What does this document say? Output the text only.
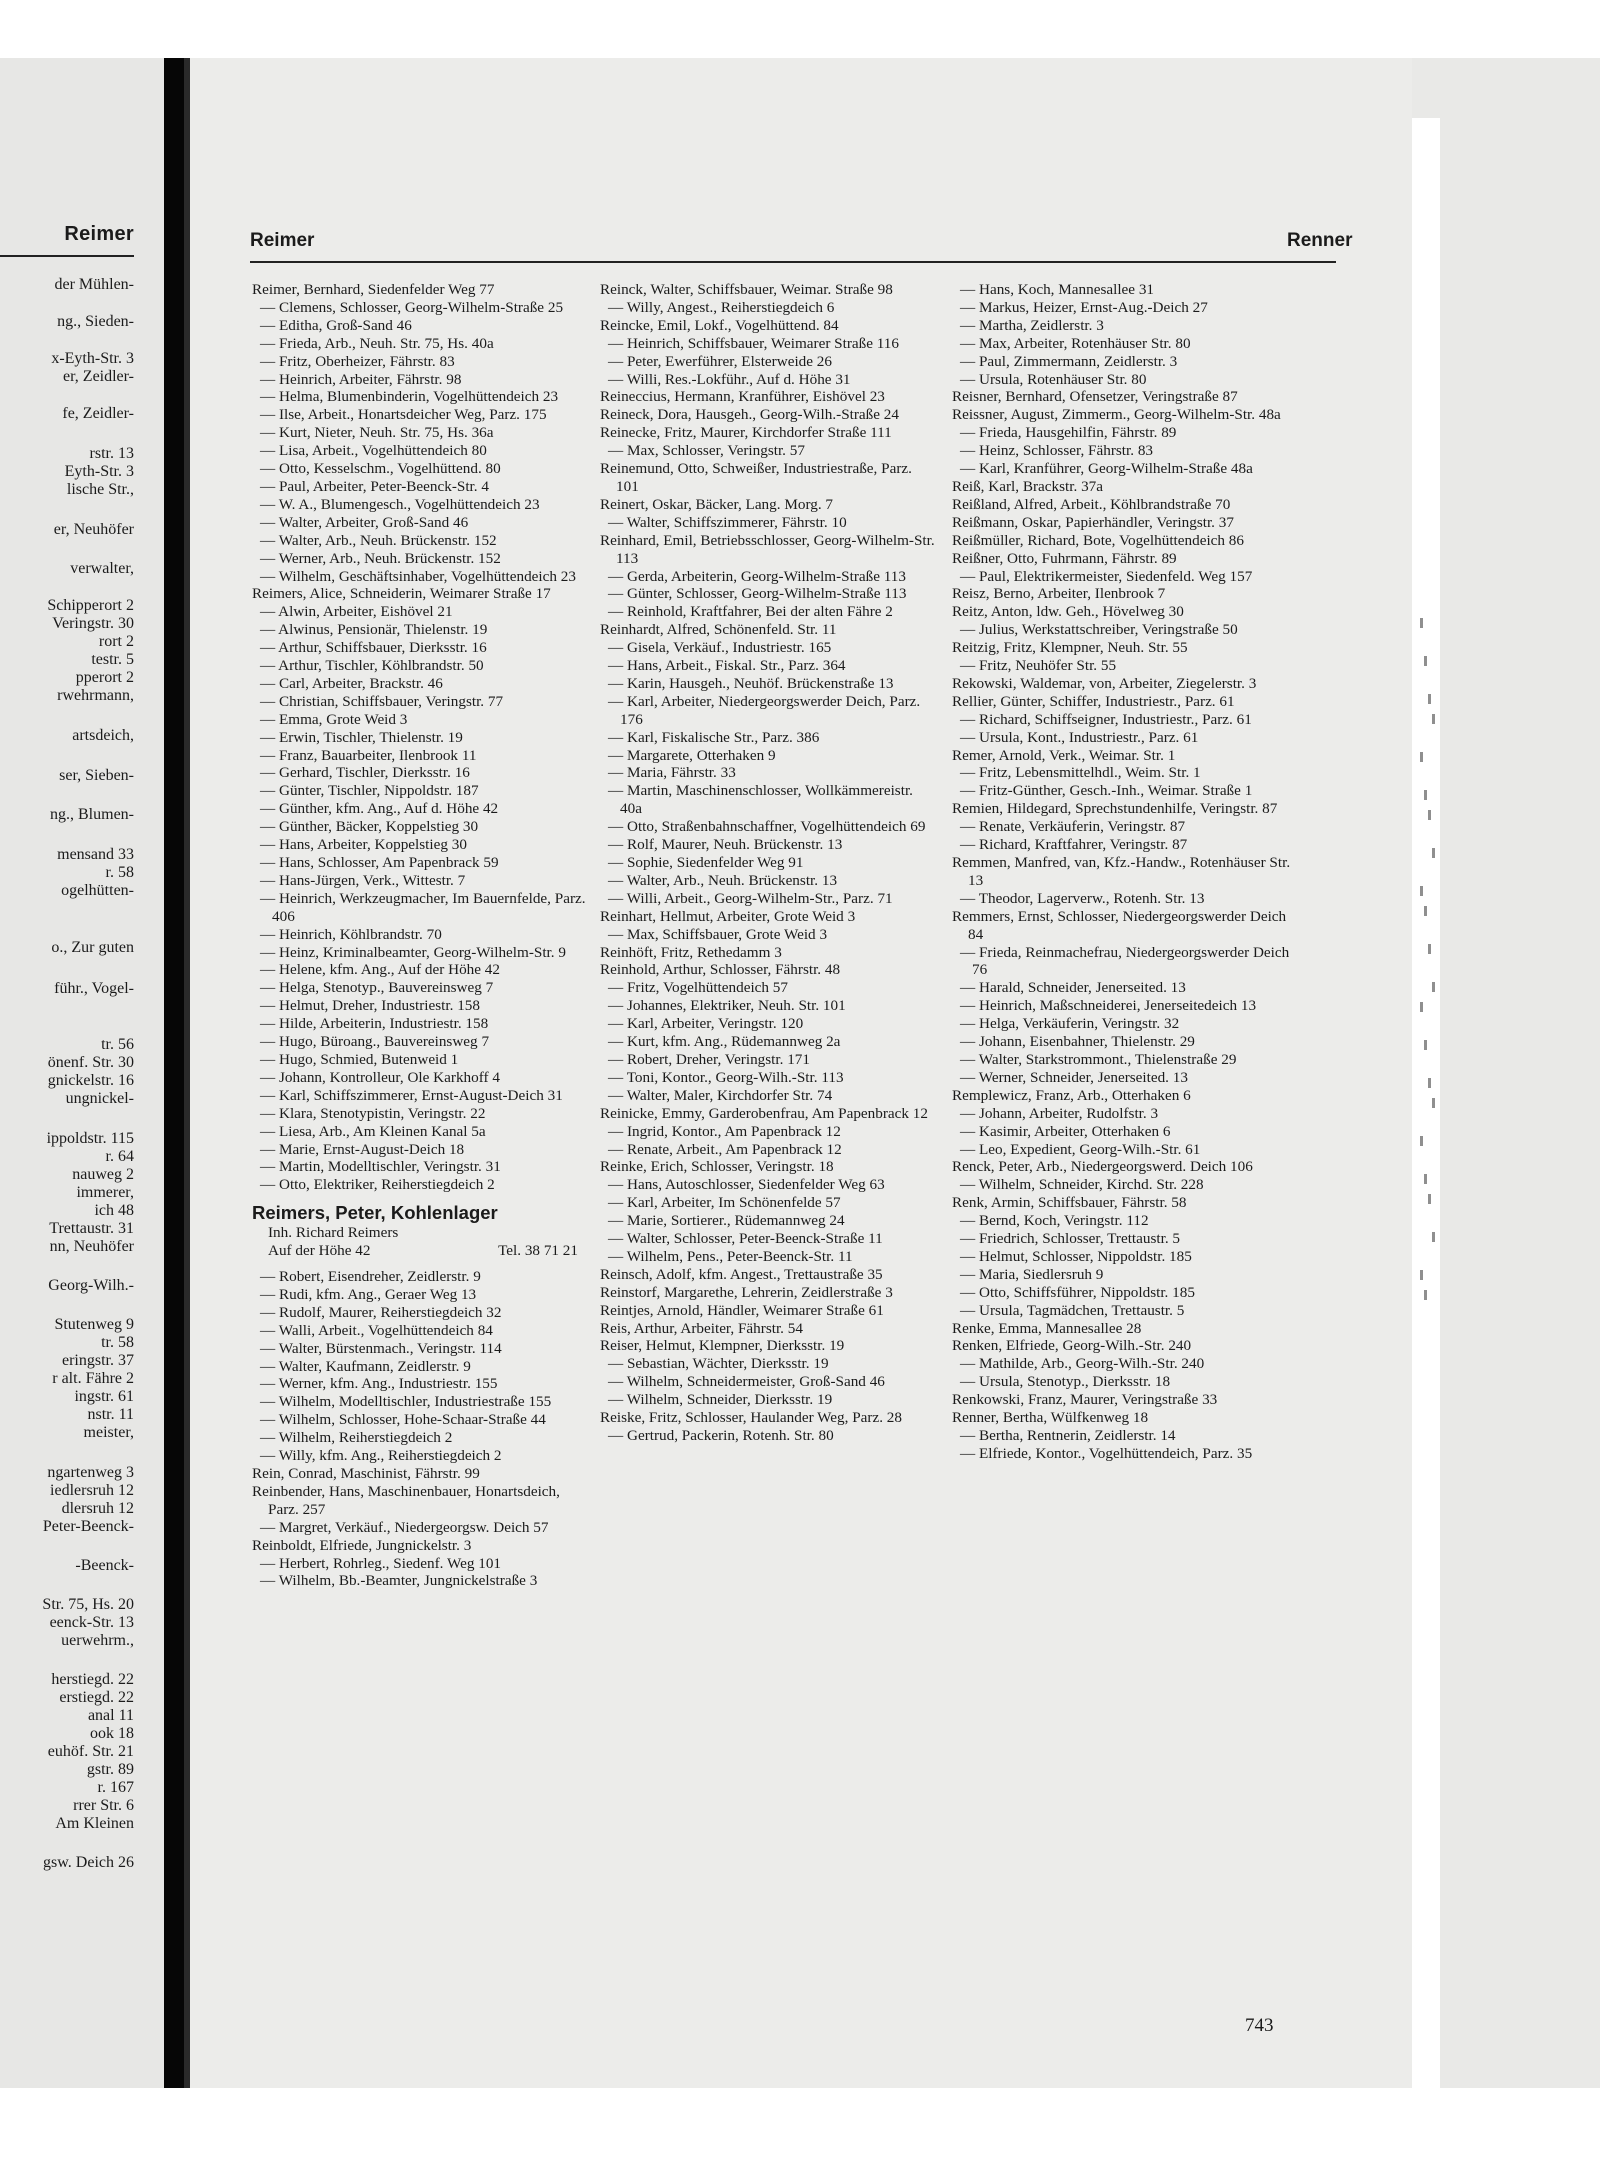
Reimer
der Mühlen-
ng., Sieden-
x-Eyth-Str. 3
er, Zeidler-
fe, Zeidler-
rstr. 13
Eyth-Str. 3
lische Str.,
er, Neuhöfer
verwalter,
Schipperort 2
Veringstr. 30
rort 2
testr. 5
pperort 2
rwehrmann,
artsdeich,
ser, Sieben-
ng., Blumen-
mensand 33
r. 58
ogelhütten-
o., Zur guten
führ., Vogel-
tr. 56
önenf. Str. 30
gnickelstr. 16
ungnickel-
ippoldstr. 115
r. 64
nauweg 2
immerer,
ich 48
Trettaustr. 31
nn, Neuhöfer
Georg-Wilh.-
Stutenweg 9
tr. 58
eringstr. 37
r alt. Fähre 2
ingstr. 61
nstr. 11
meister,
ngartenweg 3
iedlersruh 12
dlersruh 12
Peter-Beenck-
-Beenck-
Str. 75, Hs. 20
eenck-Str. 13
uerwehrm.,
herstiegd. 22
erstiegd. 22
anal 11
ook 18
euhöf. Str. 21
gstr. 89
r. 167
rrer Str. 6
Am Kleinen
gsw. Deich 26
Reimer	Renner
Reimer, Bernhard, Siedenfelder Weg 77
— Clemens, Schlosser, Georg-Wilhelm-Straße 25
— Editha, Groß-Sand 46
— Frieda, Arb., Neuh. Str. 75, Hs. 40a
— Fritz, Oberheizer, Fährstr. 83
— Heinrich, Arbeiter, Fährstr. 98
— Helma, Blumenbinderin, Vogelhüttendeich 23
— Ilse, Arbeit., Honartsdeicher Weg, Parz. 175
— Kurt, Nieter, Neuh. Str. 75, Hs. 36a
— Lisa, Arbeit., Vogelhüttendeich 80
— Otto, Kesselschm., Vogelhüttend. 80
— Paul, Arbeiter, Peter-Beenck-Str. 4
— W. A., Blumengesch., Vogelhüttendeich 23
— Walter, Arbeiter, Groß-Sand 46
— Walter, Arb., Neuh. Brückenstr. 152
— Werner, Arb., Neuh. Brückenstr. 152
— Wilhelm, Geschäftsinhaber, Vogelhüttendeich 23
Reimers, Alice, Schneiderin, Weimarer Straße 17
— Alwin, Arbeiter, Eishövel 21
— Alwinus, Pensionär, Thielenstr. 19
— Arthur, Schiffsbauer, Dierksstr. 16
— Arthur, Tischler, Köhlbrandstr. 50
— Carl, Arbeiter, Brackstr. 46
— Christian, Schiffsbauer, Veringstr. 77
— Emma, Grote Weid 3
— Erwin, Tischler, Thielenstr. 19
— Franz, Bauarbeiter, Ilenbrook 11
— Gerhard, Tischler, Dierksstr. 16
— Günter, Tischler, Nippoldstr. 187
— Günther, kfm. Ang., Auf d. Höhe 42
— Günther, Bäcker, Koppelstieg 30
— Hans, Arbeiter, Koppelstieg 30
— Hans, Schlosser, Am Papenbrack 59
— Hans-Jürgen, Verk., Wittestr. 7
— Heinrich, Werkzeugmacher, Im Bauernfelde, Parz. 406
— Heinrich, Köhlbrandstr. 70
— Heinz, Kriminalbeamter, Georg-Wilhelm-Str. 9
— Helene, kfm. Ang., Auf der Höhe 42
— Helga, Stenotyp., Bauvereinsweg 7
— Helmut, Dreher, Industriestr. 158
— Hilde, Arbeiterin, Industriestr. 158
— Hugo, Büroang., Bauvereinsweg 7
— Hugo, Schmied, Butenweid 1
— Johann, Kontrolleur, Ole Karkhoff 4
— Karl, Schiffszimmerer, Ernst-August-Deich 31
— Klara, Stenotypistin, Veringstr. 22
— Liesa, Arb., Am Kleinen Kanal 5a
— Marie, Ernst-August-Deich 18
— Martin, Modelltischler, Veringstr. 31
— Otto, Elektriker, Reiherstiegdeich 2
Reimers, Peter, Kohlenlager
Inh. Richard Reimers
Tel. 38 71 21
Auf der Höhe 42
— Robert, Eisendreher, Zeidlerstr. 9
— Rudi, kfm. Ang., Geraer Weg 13
— Rudolf, Maurer, Reiherstiegdeich 32
— Walli, Arbeit., Vogelhüttendeich 84
— Walter, Bürstenmach., Veringstr. 114
— Walter, Kaufmann, Zeidlerstr. 9
— Werner, kfm. Ang., Industriestr. 155
— Wilhelm, Modelltischler, Industriestraße 155
— Wilhelm, Schlosser, Hohe-Schaar-Straße 44
— Wilhelm, Reiherstiegdeich 2
— Willy, kfm. Ang., Reiherstiegdeich 2
Rein, Conrad, Maschinist, Fährstr. 99
Reinbender, Hans, Maschinenbauer, Honartsdeich, Parz. 257
— Margret, Verkäuf., Niedergeorgsw. Deich 57
Reinboldt, Elfriede, Jungnickelstr. 3
— Herbert, Rohrleg., Siedenf. Weg 101
— Wilhelm, Bb.-Beamter, Jungnickelstraße 3
Reinck, Walter, Schiffsbauer, Weimar. Straße 98
— Willy, Angest., Reiherstiegdeich 6
Reincke, Emil, Lokf., Vogelhüttend. 84
— Heinrich, Schiffsbauer, Weimarer Straße 116
— Peter, Ewerführer, Elsterweide 26
— Willi, Res.-Lokführ., Auf d. Höhe 31
Reineccius, Hermann, Kranführer, Eishövel 23
Reineck, Dora, Hausgeh., Georg-Wilh.-Straße 24
Reinecke, Fritz, Maurer, Kirchdorfer Straße 111
— Max, Schlosser, Veringstr. 57
Reinemund, Otto, Schweißer, Industriestraße, Parz. 101
Reinert, Oskar, Bäcker, Lang. Morg. 7
— Walter, Schiffszimmerer, Fährstr. 10
Reinhard, Emil, Betriebsschlosser, Georg-Wilhelm-Str. 113
— Gerda, Arbeiterin, Georg-Wilhelm-Straße 113
— Günter, Schlosser, Georg-Wilhelm-Straße 113
— Reinhold, Kraftfahrer, Bei der alten Fähre 2
Reinhardt, Alfred, Schönenfeld. Str. 11
— Gisela, Verkäuf., Industriestr. 165
— Hans, Arbeit., Fiskal. Str., Parz. 364
— Karin, Hausgeh., Neuhöf. Brückenstraße 13
— Karl, Arbeiter, Niedergeorgswerder Deich, Parz. 176
— Karl, Fiskalische Str., Parz. 386
— Margarete, Otterhaken 9
— Maria, Fährstr. 33
— Martin, Maschinenschlosser, Wollkämmereistr. 40a
— Otto, Straßenbahnschaffner, Vogelhüttendeich 69
— Rolf, Maurer, Neuh. Brückenstr. 13
— Sophie, Siedenfelder Weg 91
— Walter, Arb., Neuh. Brückenstr. 13
— Willi, Arbeit., Georg-Wilhelm-Str., Parz. 71
Reinhart, Hellmut, Arbeiter, Grote Weid 3
— Max, Schiffsbauer, Grote Weid 3
Reinhöft, Fritz, Rethedamm 3
Reinhold, Arthur, Schlosser, Fährstr. 48
— Fritz, Vogelhüttendeich 57
— Johannes, Elektriker, Neuh. Str. 101
— Karl, Arbeiter, Veringstr. 120
— Kurt, kfm. Ang., Rüdemannweg 2a
— Robert, Dreher, Veringstr. 171
— Toni, Kontor., Georg-Wilh.-Str. 113
— Walter, Maler, Kirchdorfer Str. 74
Reinicke, Emmy, Garderobenfrau, Am Papenbrack 12
— Ingrid, Kontor., Am Papenbrack 12
— Renate, Arbeit., Am Papenbrack 12
Reinke, Erich, Schlosser, Veringstr. 18
— Hans, Autoschlosser, Siedenfelder Weg 63
— Karl, Arbeiter, Im Schönenfelde 57
— Marie, Sortierer., Rüdemannweg 24
— Walter, Schlosser, Peter-Beenck-Straße 11
— Wilhelm, Pens., Peter-Beenck-Str. 11
Reinsch, Adolf, kfm. Angest., Trettaustraße 35
Reinstorf, Margarethe, Lehrerin, Zeidlerstraße 3
Reintjes, Arnold, Händler, Weimarer Straße 61
Reis, Arthur, Arbeiter, Fährstr. 54
Reiser, Helmut, Klempner, Dierksstr. 19
— Sebastian, Wächter, Dierksstr. 19
— Wilhelm, Schneidermeister, Groß-Sand 46
— Wilhelm, Schneider, Dierksstr. 19
Reiske, Fritz, Schlosser, Haulander Weg, Parz. 28
— Gertrud, Packerin, Rotenh. Str. 80
— Hans, Koch, Mannesallee 31
— Markus, Heizer, Ernst-Aug.-Deich 27
— Martha, Zeidlerstr. 3
— Max, Arbeiter, Rotenhäuser Str. 80
— Paul, Zimmermann, Zeidlerstr. 3
— Ursula, Rotenhäuser Str. 80
Reisner, Bernhard, Ofensetzer, Veringstraße 87
Reissner, August, Zimmerm., Georg-Wilhelm-Str. 48a
— Frieda, Hausgehilfin, Fährstr. 89
— Heinz, Schlosser, Fährstr. 83
— Karl, Kranführer, Georg-Wilhelm-Straße 48a
Reiß, Karl, Brackstr. 37a
Reißland, Alfred, Arbeit., Köhlbrandstraße 70
Reißmann, Oskar, Papierhändler, Veringstr. 37
Reißmüller, Richard, Bote, Vogelhüttendeich 86
Reißner, Otto, Fuhrmann, Fährstr. 89
— Paul, Elektrikermeister, Siedenfeld. Weg 157
Reisz, Berno, Arbeiter, Ilenbrook 7
Reitz, Anton, ldw. Geh., Hövelweg 30
— Julius, Werkstattschreiber, Veringstraße 50
Reitzig, Fritz, Klempner, Neuh. Str. 55
— Fritz, Neuhöfer Str. 55
Rekowski, Waldemar, von, Arbeiter, Ziegelerstr. 3
Rellier, Günter, Schiffer, Industriestr., Parz. 61
— Richard, Schiffseigner, Industriestr., Parz. 61
— Ursula, Kont., Industriestr., Parz. 61
Remer, Arnold, Verk., Weimar. Str. 1
— Fritz, Lebensmittelhdl., Weim. Str. 1
— Fritz-Günther, Gesch.-Inh., Weimar. Straße 1
Remien, Hildegard, Sprechstundenhilfe, Veringstr. 87
— Renate, Verkäuferin, Veringstr. 87
— Richard, Kraftfahrer, Veringstr. 87
Remmen, Manfred, van, Kfz.-Handw., Rotenhäuser Str. 13
— Theodor, Lagerverw., Rotenh. Str. 13
Remmers, Ernst, Schlosser, Niedergeorgswerder Deich 84
— Frieda, Reinmachefrau, Niedergeorgswerder Deich 76
— Harald, Schneider, Jenerseited. 13
— Heinrich, Maßschneiderei, Jenerseitedeich 13
— Helga, Verkäuferin, Veringstr. 32
— Johann, Eisenbahner, Thielenstr. 29
— Walter, Starkstrommont., Thielenstraße 29
— Werner, Schneider, Jenerseited. 13
Remplewicz, Franz, Arb., Otterhaken 6
— Johann, Arbeiter, Rudolfstr. 3
— Kasimir, Arbeiter, Otterhaken 6
— Leo, Expedient, Georg-Wilh.-Str. 61
Renck, Peter, Arb., Niedergeorgswerd. Deich 106
— Wilhelm, Schneider, Kirchd. Str. 228
Renk, Armin, Schiffsbauer, Fährstr. 58
— Bernd, Koch, Veringstr. 112
— Friedrich, Schlosser, Trettaustr. 5
— Helmut, Schlosser, Nippoldstr. 185
— Maria, Siedlersruh 9
— Otto, Schiffsführer, Nippoldstr. 185
— Ursula, Tagmädchen, Trettaustr. 5
Renke, Emma, Mannesallee 28
Renken, Elfriede, Georg-Wilh.-Str. 240
— Mathilde, Arb., Georg-Wilh.-Str. 240
— Ursula, Stenotyp., Dierksstr. 18
Renkowski, Franz, Maurer, Veringstraße 33
Renner, Bertha, Wülfkenweg 18
— Bertha, Rentnerin, Zeidlerstr. 14
— Elfriede, Kontor., Vogelhüttendeich, Parz. 35
743
